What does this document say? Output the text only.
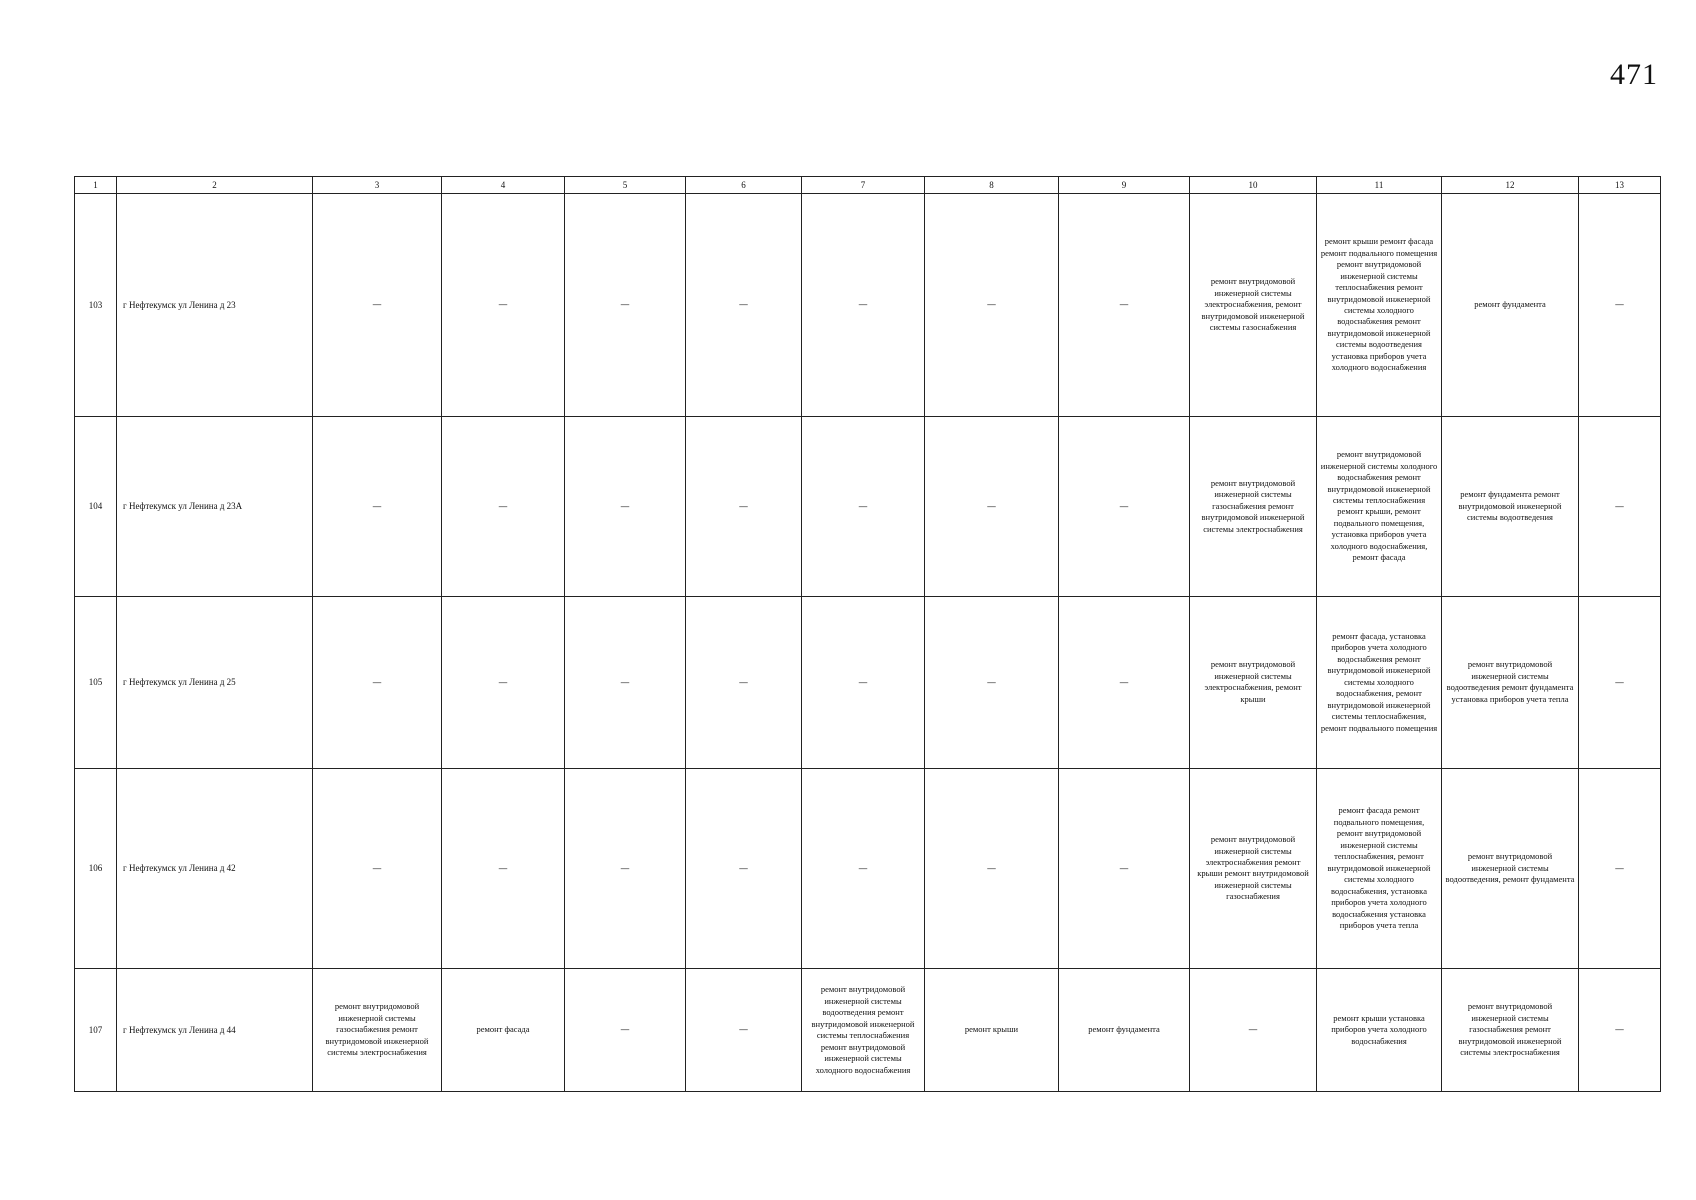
471
1	2	3	4	5	6	7	8	9	10	11	12	13
103	г Нефтекумск ул Ленина д 23	—	—	—	—	—	—	—	ремонт внутридомовой инженерной системы электроснабжения, ремонт внутридомовой инженерной системы газоснабжения	ремонт крыши ремонт фасада ремонт подвального помещения ремонт внутридомовой инженерной системы теплоснабжения ремонт внутридомовой инженерной системы холодного водоснабжения ремонт внутридомовой инженерной системы водоотведения установка приборов учета холодного водоснабжения	ремонт фундамента	—
104	г Нефтекумск ул Ленина д 23А	—	—	—	—	—	—	—	ремонт внутридомовой инженерной системы газоснабжения ремонт внутридомовой инженерной системы электроснабжения	ремонт внутридомовой инженерной системы холодного водоснабжения ремонт внутридомовой инженерной системы теплоснабжения ремонт крыши, ремонт подвального помещения, установка приборов учета холодного водоснабжения, ремонт фасада	ремонт фундамента ремонт внутридомовой инженерной системы водоотведения	—
105	г Нефтекумск ул Ленина д 25	—	—	—	—	—	—	—	ремонт внутридомовой инженерной системы электроснабжения, ремонт крыши	ремонт фасада, установка приборов учета холодного водоснабжения ремонт внутридомовой инженерной системы холодного водоснабжения, ремонт внутридомовой инженерной системы теплоснабжения, ремонт подвального помещения	ремонт внутридомовой инженерной системы водоотведения ремонт фундамента установка приборов учета тепла	—
106	г Нефтекумск ул Ленина д 42	—	—	—	—	—	—	—	ремонт внутридомовой инженерной системы электроснабжения ремонт крыши ремонт внутридомовой инженерной системы газоснабжения	ремонт фасада ремонт подвального помещения, ремонт внутридомовой инженерной системы теплоснабжения, ремонт внутридомовой инженерной системы холодного водоснабжения, установка приборов учета холодного водоснабжения установка приборов учета тепла	ремонт внутридомовой инженерной системы водоотведения, ремонт фундамента	—
107	г Нефтекумск ул Ленина д 44	ремонт внутридомовой инженерной системы газоснабжения ремонт внутридомовой инженерной системы электроснабжения	ремонт фасада	—	—	ремонт внутридомовой инженерной системы водоотведения ремонт внутридомовой инженерной системы теплоснабжения ремонт внутридомовой инженерной системы холодного водоснабжения	ремонт крыши	ремонт фундамента	—	ремонт крыши установка приборов учета холодного водоснабжения	ремонт внутридомовой инженерной системы газоснабжения ремонт внутридомовой инженерной системы электроснабжения	—
